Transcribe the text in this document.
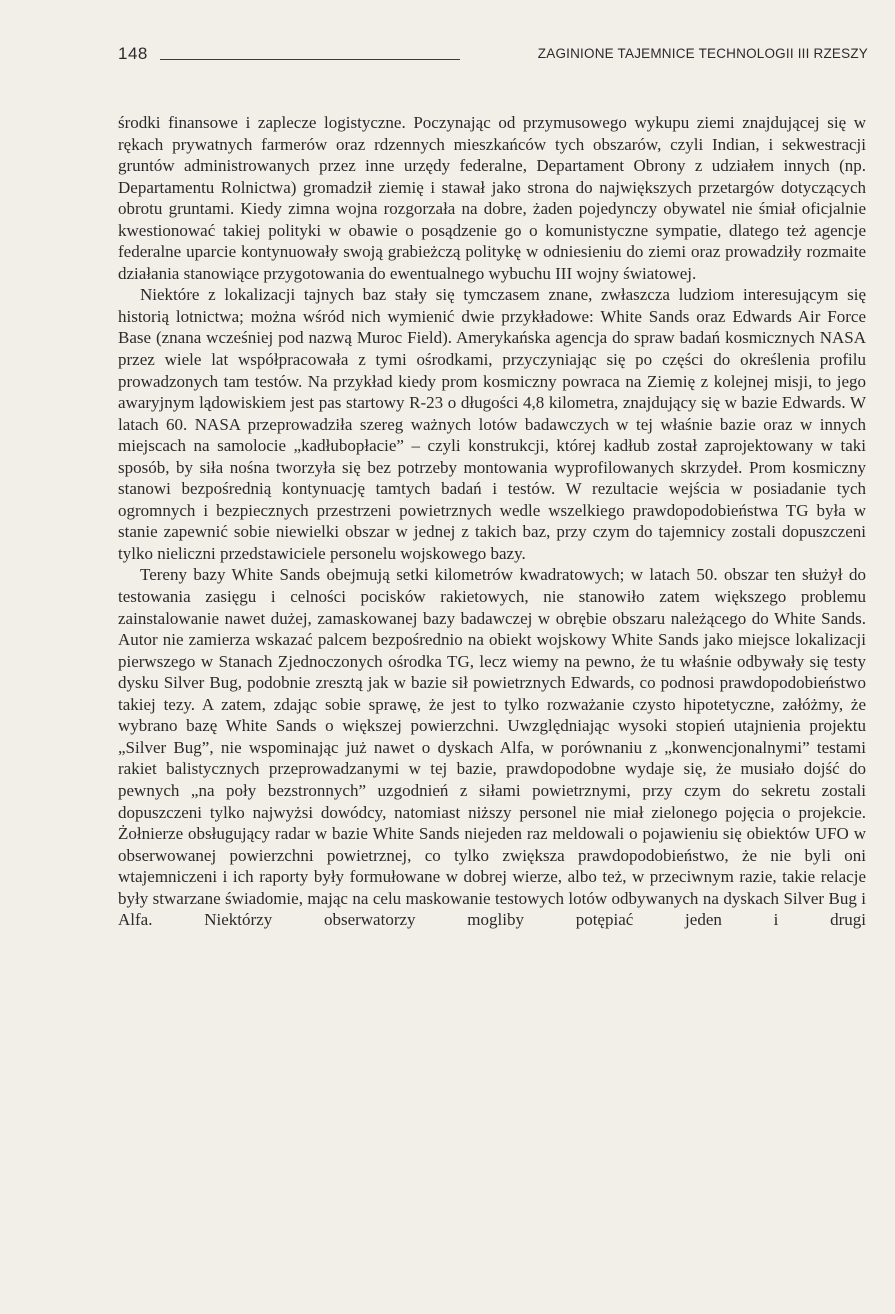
148	ZAGINIONE TAJEMNICE TECHNOLOGII III RZESZY

środki finansowe i zaplecze logistyczne. Poczynając od przymusowego wykupu ziemi znajdującej się w rękach prywatnych farmerów oraz rdzennych mieszkańców tych obszarów, czyli Indian, i sekwestracji gruntów administrowanych przez inne urzędy federalne, Departament Obrony z udziałem innych (np. Departamentu Rolnictwa) gromadził ziemię i stawał jako strona do największych przetargów dotyczących obrotu gruntami. Kiedy zimna wojna rozgorzała na dobre, żaden pojedynczy obywatel nie śmiał oficjalnie kwestionować takiej polityki w obawie o posądzenie go o komunistyczne sympatie, dlatego też agencje federalne uparcie kontynuowały swoją grabieżczą politykę w odniesieniu do ziemi oraz prowadziły rozmaite działania stanowiące przygotowania do ewentualnego wybuchu III wojny światowej.

Niektóre z lokalizacji tajnych baz stały się tymczasem znane, zwłaszcza ludziom interesującym się historią lotnictwa; można wśród nich wymienić dwie przykładowe: White Sands oraz Edwards Air Force Base (znana wcześniej pod nazwą Muroc Field). Amerykańska agencja do spraw badań kosmicznych NASA przez wiele lat współpracowała z tymi ośrodkami, przyczyniając się po części do określenia profilu prowadzonych tam testów. Na przykład kiedy prom kosmiczny powraca na Ziemię z kolejnej misji, to jego awaryjnym lądowiskiem jest pas startowy R-23 o długości 4,8 kilometra, znajdujący się w bazie Edwards. W latach 60. NASA przeprowadziła szereg ważnych lotów badawczych w tej właśnie bazie oraz w innych miejscach na samolocie „kadłubopłacie” – czyli konstrukcji, której kadłub został zaprojektowany w taki sposób, by siła nośna tworzyła się bez potrzeby montowania wyprofilowanych skrzydeł. Prom kosmiczny stanowi bezpośrednią kontynuację tamtych badań i testów. W rezultacie wejścia w posiadanie tych ogromnych i bezpiecznych przestrzeni powietrznych wedle wszelkiego prawdopodobieństwa TG była w stanie zapewnić sobie niewielki obszar w jednej z takich baz, przy czym do tajemnicy zostali dopuszczeni tylko nieliczni przedstawiciele personelu wojskowego bazy.

Tereny bazy White Sands obejmują setki kilometrów kwadratowych; w latach 50. obszar ten służył do testowania zasięgu i celności pocisków rakietowych, nie stanowiło zatem większego problemu zainstalowanie nawet dużej, zamaskowanej bazy badawczej w obrębie obszaru należącego do White Sands. Autor nie zamierza wskazać palcem bezpośrednio na obiekt wojskowy White Sands jako miejsce lokalizacji pierwszego w Stanach Zjednoczonych ośrodka TG, lecz wiemy na pewno, że tu właśnie odbywały się testy dysku Silver Bug, podobnie zresztą jak w bazie sił powietrznych Edwards, co podnosi prawdopodobieństwo takiej tezy. A zatem, zdając sobie sprawę, że jest to tylko rozważanie czysto hipotetyczne, załóżmy, że wybrano bazę White Sands o większej powierzchni. Uwzględniając wysoki stopień utajnienia projektu „Silver Bug”, nie wspominając już nawet o dyskach Alfa, w porównaniu z „konwencjonalnymi” testami rakiet balistycznych przeprowadzanymi w tej bazie, prawdopodobne wydaje się, że musiało dojść do pewnych „na poły bezstronnych” uzgodnień z siłami powietrznymi, przy czym do sekretu zostali dopuszczeni tylko najwyżsi dowódcy, natomiast niższy personel nie miał zielonego pojęcia o projekcie. Żołnierze obsługujący radar w bazie White Sands niejeden raz meldowali o pojawieniu się obiektów UFO w obserwowanej powierzchni powietrznej, co tylko zwiększa prawdopodobieństwo, że nie byli oni wtajemniczeni i ich raporty były formułowane w dobrej wierze, albo też, w przeciwnym razie, takie relacje były stwarzane świadomie, mając na celu maskowanie testowych lotów odbywanych na dyskach Silver Bug i Alfa. Niektórzy obserwatorzy mogliby potępiać jeden i drugi
